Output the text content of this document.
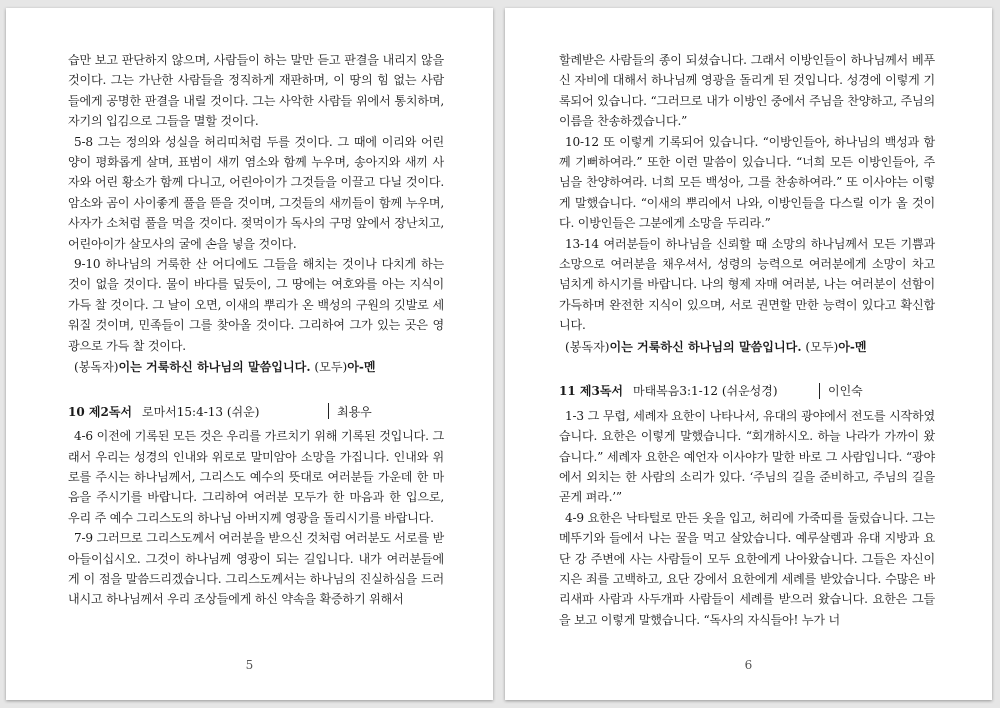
습만 보고 판단하지 않으며, 사람들이 하는 말만 듣고 판결을 내리지 않을 것이다. 그는 가난한 사람들을 정직하게 재판하며, 이 땅의 힘 없는 사람들에게 공명한 판결을 내릴 것이다. 그는 사악한 사람들 위에서 통치하며, 자기의 입김으로 그들을 멸할 것이다.

5-8 그는 정의와 성실을 허리띠처럼 두를 것이다. 그 때에 이리와 어린 양이 평화롭게 살며, 표범이 새끼 염소와 함께 누우며, 송아지와 새끼 사자와 어린 황소가 함께 다니고, 어린아이가 그것들을 이끌고 다닐 것이다. 암소와 곰이 사이좋게 풀을 뜯을 것이며, 그것들의 새끼들이 함께 누우며, 사자가 소처럼 풀을 먹을 것이다. 젖먹이가 독사의 구멍 앞에서 장난치고, 어린아이가 살모사의 굴에 손을 넣을 것이다.

9-10 하나님의 거룩한 산 어디에도 그들을 해치는 것이나 다치게 하는 것이 없을 것이다. 물이 바다를 덮듯이, 그 땅에는 여호와를 아는 지식이 가득 찰 것이다. 그 날이 오면, 이새의 뿌리가 온 백성의 구원의 깃발로 세워질 것이며, 민족들이 그를 찾아올 것이다. 그리하여 그가 있는 곳은 영광으로 가득 찰 것이다.

(봉독자)이는 거룩하신 하나님의 말씀입니다. (모두)아-멘

10 제2독서 로마서15:4-13 (쉬운)	최용우

4-6 이전에 기록된 모든 것은 우리를 가르치기 위해 기록된 것입니다. 그래서 우리는 성경의 인내와 위로로 말미암아 소망을 가집니다. 인내와 위로를 주시는 하나님께서, 그리스도 예수의 뜻대로 여러분들 가운데 한 마음을 주시기를 바랍니다. 그리하여 여러분 모두가 한 마음과 한 입으로, 우리 주 예수 그리스도의 하나님 아버지께 영광을 돌리시기를 바랍니다.

7-9 그러므로 그리스도께서 여러분을 받으신 것처럼 여러분도 서로를 받아들이십시오. 그것이 하나님께 영광이 되는 길입니다. 내가 여러분들에게 이 점을 말씀드리겠습니다. 그리스도께서는 하나님의 진실하심을 드러내시고 하나님께서 우리 조상들에게 하신 약속을 확증하기 위해서

5

할례받은 사람들의 종이 되셨습니다. 그래서 이방인들이 하나님께서 베푸신 자비에 대해서 하나님께 영광을 돌리게 된 것입니다. 성경에 이렇게 기록되어 있습니다. “그러므로 내가 이방인 중에서 주님을 찬양하고, 주님의 이름을 찬송하겠습니다.”

10-12 또 이렇게 기록되어 있습니다. “이방인들아, 하나님의 백성과 함께 기뻐하여라.” 또한 이런 말씀이 있습니다. “너희 모든 이방인들아, 주님을 찬양하여라. 너희 모든 백성아, 그를 찬송하여라.” 또 이사야는 이렇게 말했습니다. “이새의 뿌리에서 나와, 이방인들을 다스릴 이가 올 것이다. 이방인들은 그분에게 소망을 두리라.”

13-14 여러분들이 하나님을 신뢰할 때 소망의 하나님께서 모든 기쁨과 소망으로 여러분을 채우셔서, 성령의 능력으로 여러분에게 소망이 차고 넘치게 하시기를 바랍니다. 나의 형제 자매 여러분, 나는 여러분이 선함이 가득하며 완전한 지식이 있으며, 서로 권면할 만한 능력이 있다고 확신합니다.

(봉독자)이는 거룩하신 하나님의 말씀입니다. (모두)아-멘

11 제3독서 마태복음3:1-12 (쉬운성경)	이인숙

1-3 그 무렵, 세례자 요한이 나타나서, 유대의 광야에서 전도를 시작하였습니다. 요한은 이렇게 말했습니다. “회개하시오. 하늘 나라가 가까이 왔습니다.” 세례자 요한은 예언자 이사야가 말한 바로 그 사람입니다. “광야에서 외치는 한 사람의 소리가 있다. ‘주님의 길을 준비하고, 주님의 길을 곧게 펴라.’”

4-9 요한은 낙타털로 만든 옷을 입고, 허리에 가죽띠를 둘렀습니다. 그는 메뚜기와 들에서 나는 꿀을 먹고 살았습니다. 예루살렘과 유대 지방과 요단 강 주변에 사는 사람들이 모두 요한에게 나아왔습니다. 그들은 자신이 지은 죄를 고백하고, 요단 강에서 요한에게 세례를 받았습니다. 수많은 바리새파 사람과 사두개파 사람들이 세례를 받으러 왔습니다. 요한은 그들을 보고 이렇게 말했습니다. “독사의 자식들아! 누가 너

6
